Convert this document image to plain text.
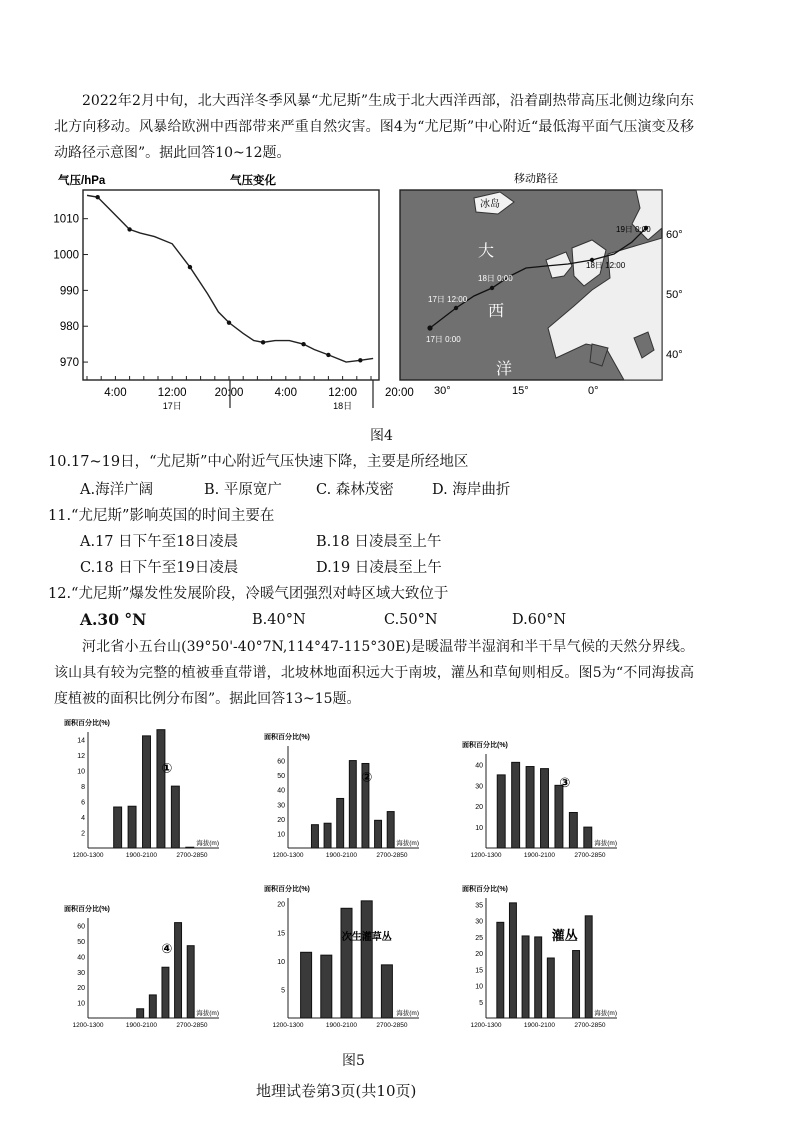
2022年2月中旬，北大西洋冬季风暴“尤尼斯”生成于北大西洋西部，沿着副热带高压北侧边缘向东北方向移动。风暴给欧洲中西部带来严重自然灾害。图4为“尤尼斯”中心附近“最低海平面气压演变及移动路径示意图”。据此回答10~12题。
气压/hPa	气压变化
1010
1000
990
980
970
4:00	12:00 20:00	4:00	12:00 20:00
17日	18日
移动路径
冰岛
大
西
洋
17日 0:00
17日 12:00
18日 0:00
18日 12:00
19日 0:00 60°
50°
40°
30°	15°	0°
图4
10.17~19日，“尤尼斯”中心附近气压快速下降，主要是所经地区
A.海洋广阔	B. 平原宽广 C. 森林茂密	D. 海岸曲折
11.“尤尼斯”影响英国的时间主要在
A.17 日下午至18日凌晨	B.18 日凌晨至上午
C.18 日下午至19日凌晨	D.19 日凌晨至上午
12.“尤尼斯”爆发性发展阶段，冷暖气团强烈对峙区域大致位于
A.30 °N	B.40°N	C.50°N	D.60°N
河北省小五台山(39°50'-40°7N,114°47-115°30E)是暖温带半湿润和半干旱气候的天然分界线。该山具有较为完整的植被垂直带谱，北坡林地面积远大于南坡，灌丛和草甸则相反。图5为“不同海拔高度植被的面积比例分布图”。据此回答13~15题。
面积百分比(%)
2
4
6
8
10
12
14
1200-1300	1900-2100	2700-2850
海拔(m)
①
面积百分比(%)
10
20
30
40
50
60
1200-1300	1900-2100	2700-2850
海拔(m)
②
面积百分比(%)
10
20
30
40
1200-1300	1900-2100	2700-2850
海拔(m)
③
面积百分比(%)
10
20
30
40
50
60
1200-1300	1900-2100	2700-2850
海拔(m)
④
面积百分比(%)
5
10
15
20
1200-1300	1900-2100	2700-2850
海拔(m)
次生灌草丛
面积百分比(%)
5
10
15
20
25
30
35
1200-1300	1900-2100	2700-2850
海拔(m)
灌丛
图5
地理试卷第3页(共10页)
